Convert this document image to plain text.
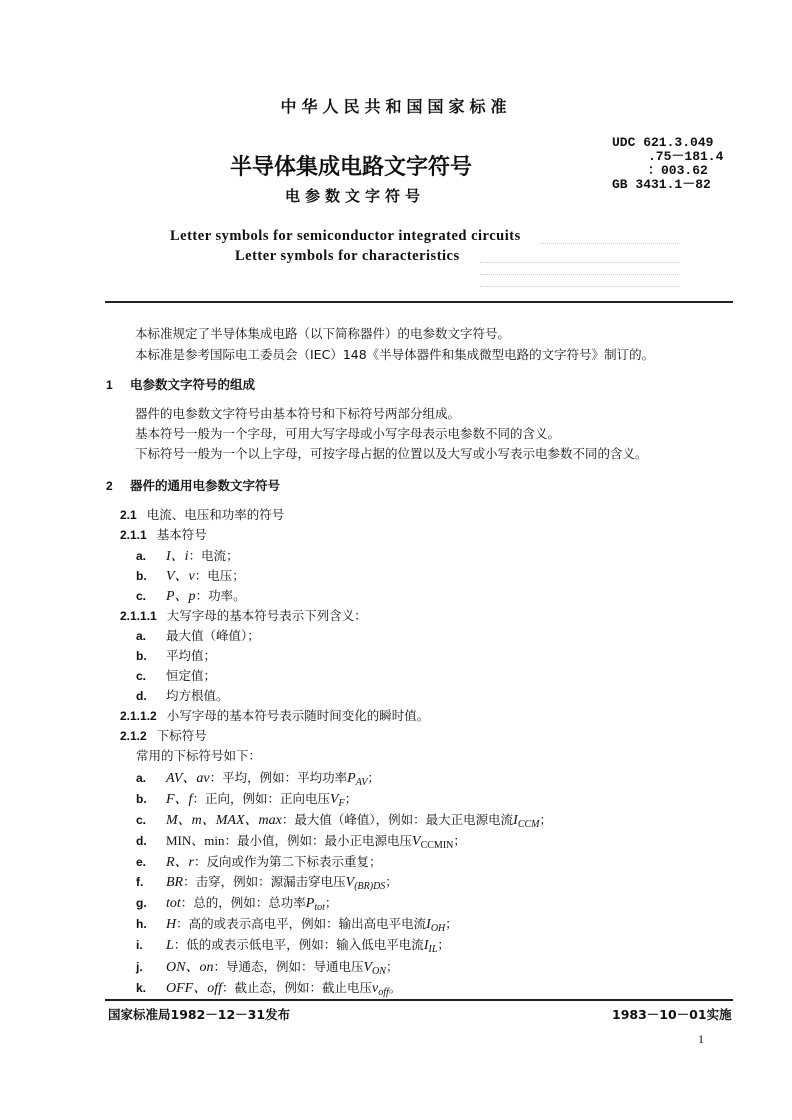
中华人民共和国国家标准
半导体集成电路文字符号
电参数文字符号
UDC 621.3.049
.75－181.4
：003.62
GB 3431.1－82
Letter symbols for semiconductor integrated circuits
Letter symbols for characteristics
本标准规定了半导体集成电路（以下简称器件）的电参数文字符号。
本标准是参考国际电工委员会（IEC）148《半导体器件和集成微型电路的文字符号》制订的。
1 电参数文字符号的组成
器件的电参数文字符号由基本符号和下标符号两部分组成。
基本符号一般为一个字母，可用大写字母或小写字母表示电参数不同的含义。
下标符号一般为一个以上字母，可按字母占据的位置以及大写或小写表示电参数不同的含义。
2 器件的通用电参数文字符号
2.1 电流、电压和功率的符号
2.1.1 基本符号
a. I、i：电流；
b. V、v：电压；
c. P、p：功率。
2.1.1.1 大写字母的基本符号表示下列含义：
a. 最大值（峰值）；
b. 平均值；
c. 恒定值；
d. 均方根值。
2.1.1.2 小写字母的基本符号表示随时间变化的瞬时值。
2.1.2 下标符号
常用的下标符号如下：
a. AV、av：平均，例如：平均功率$P_{AV}$；
b. F、f：正向，例如：正向电压$V_F$；
c. M、m、MAX、max：最大值（峰值），例如：最大正电源电流$I_{CCM}$；
d. MIN、min：最小值，例如：最小正电源电压$V_{CCMIN}$；
e. R、r：反向或作为第二下标表示重复；
f. BR：击穿，例如：源漏击穿电压$V_{(BR)DS}$；
g. tot：总的，例如：总功率$P_{tot}$；
h. H：高的或表示高电平，例如：输出高电平电流$I_{OH}$；
i. L：低的或表示低电平，例如：输入低电平电流$I_{IL}$；
j. ON、on：导通态，例如：导通电压$V_{ON}$；
k. OFF、off：截止态，例如：截止电压$v_{off}$。
国家标准局1982－12－31发布	1983－10－01实施
1
